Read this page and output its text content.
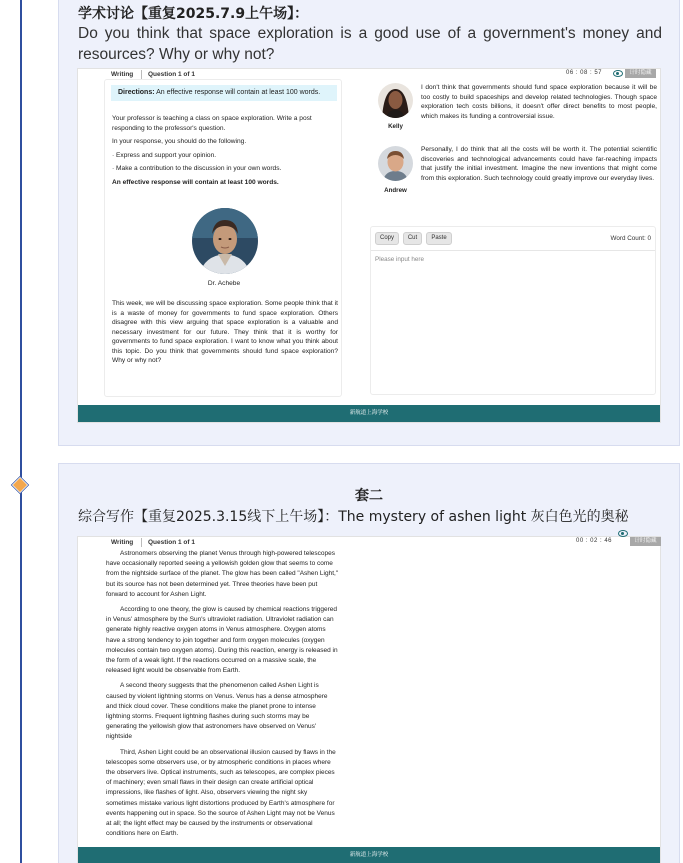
学术讨论【重复2025.7.9上午场】：
Do you think that space exploration is a good use of a government's money and resources? Why or why not?
Writing Question 1 of 1	06 : 08 : 57	计时隐藏
Directions: An effective response will contain at least 100 words.
Your professor is teaching a class on space exploration. Write a post responding to the professor's question.
In your response, you should do the following.
· Express and support your opinion.
· Make a contribution to the discussion in your own words.
An effective response will contain at least 100 words.
Dr. Achebe
This week, we will be discussing space exploration. Some people think that it is a waste of money for governments to fund space exploration. Others disagree with this view arguing that space exploration is a valuable and necessary investment for our future. They think that it is worthy for governments to fund space exploration. I want to know what you think about this topic. Do you think that governments should fund space exploration? Why or why not?
Kelly
I don't think that governments should fund space exploration because it will be too costly to build spaceships and develop related technologies. Though space exploration tech costs billions, it doesn't offer direct benefits to most people, which makes its funding a controversial issue.
Andrew
Personally, I do think that all the costs will be worth it. The potential scientific discoveries and technological advancements could have far-reaching impacts that justify the initial investment. Imagine the new inventions that might come from this exploration. Such technology could greatly improve our everyday lives.
Copy	Cut	Paste	Word Count: 0
Please input here
新航道上海学校
套二
综合写作【重复2025.3.15线下上午场】：The mystery of ashen light 灰白色光的奥秘
Writing Question 1 of 1	00 : 02 : 46	计时隐藏

Astronomers observing the planet Venus through high-powered telescopes have occasionally reported seeing a yellowish golden glow that seems to come from the nightside surface of the planet. The glow has been called "Ashen Light," but its source has not been determined yet. Three theories have been put forward to account for Ashen Light.

According to one theory, the glow is caused by chemical reactions triggered in Venus' atmosphere by the Sun's ultraviolet radiation. Ultraviolet radiation can generate highly reactive oxygen atoms in Venus atmosphere. Oxygen atoms have a strong tendency to join together and form oxygen molecules (oxygen molecules contain two oxygen atoms). During this reaction, energy is released in the form of a weak light. If the reactions occurred on a massive scale, the released light would be observable from Earth.

A second theory suggests that the phenomenon called Ashen Light is caused by violent lightning storms on Venus. Venus has a dense atmosphere and thick cloud cover. These conditions make the planet prone to intense lightning storms. Frequent lightning flashes during such storms may be generating the yellowish glow that astronomers have observed on Venus' nightside

Third, Ashen Light could be an observational illusion caused by flaws in the telescopes some observers use, or by atmospheric conditions in places where the observers live. Optical instruments, such as telescopes, are complex pieces of machinery; even small flaws in their design can create artificial optical impressions, like flashes of light. Also, observers viewing the night sky sometimes mistake various light distortions produced by Earth's atmosphere for events happening out in space. So the source of Ashen Light may not be Venus at all; the light effect may be caused by the instruments or observational conditions here on Earth.

新航道上海学校
